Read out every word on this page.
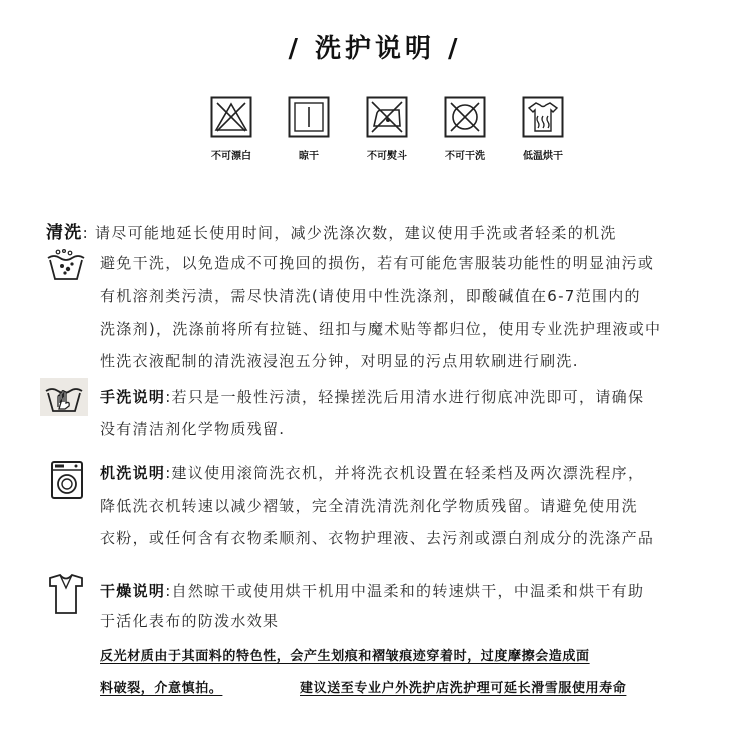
/ 洗护说明 /
不可漂白	晾干	不可熨斗	不可干洗	低温烘干
清洗: 请尽可能地延长使用时间，减少洗涤次数，建议使用手洗或者轻柔的机洗
避免干洗，以免造成不可挽回的损伤，若有可能危害服装功能性的明显油污或
有机溶剂类污渍，需尽快清洗(请使用中性洗涤剂，即酸碱值在6-7范围内的
洗涤剂)，洗涤前将所有拉链、纽扣与魔术贴等都归位，使用专业洗护理液或中
性洗衣液配制的清洗液浸泡五分钟，对明显的污点用软刷进行刷洗.
手洗说明:若只是一般性污渍，轻操搓洗后用清水进行彻底冲洗即可，请确保
没有清洁剂化学物质残留.
机洗说明:建议使用滚筒洗衣机，并将洗衣机设置在轻柔档及两次漂洗程序，
降低洗衣机转速以减少褶皱，完全清洗清洗剂化学物质残留。请避免使用洗
衣粉，或任何含有衣物柔顺剂、衣物护理液、去污剂或漂白剂成分的洗涤产品
干燥说明:自然晾干或使用烘干机用中温柔和的转速烘干，中温柔和烘干有助
于活化表布的防泼水效果
反光材质由于其面料的特色性，会产生划痕和褶皱痕迹穿着时，过度摩擦会造成面
料破裂，介意慎拍。	建议送至专业户外洗护店洗护理可延长滑雪服使用寿命
